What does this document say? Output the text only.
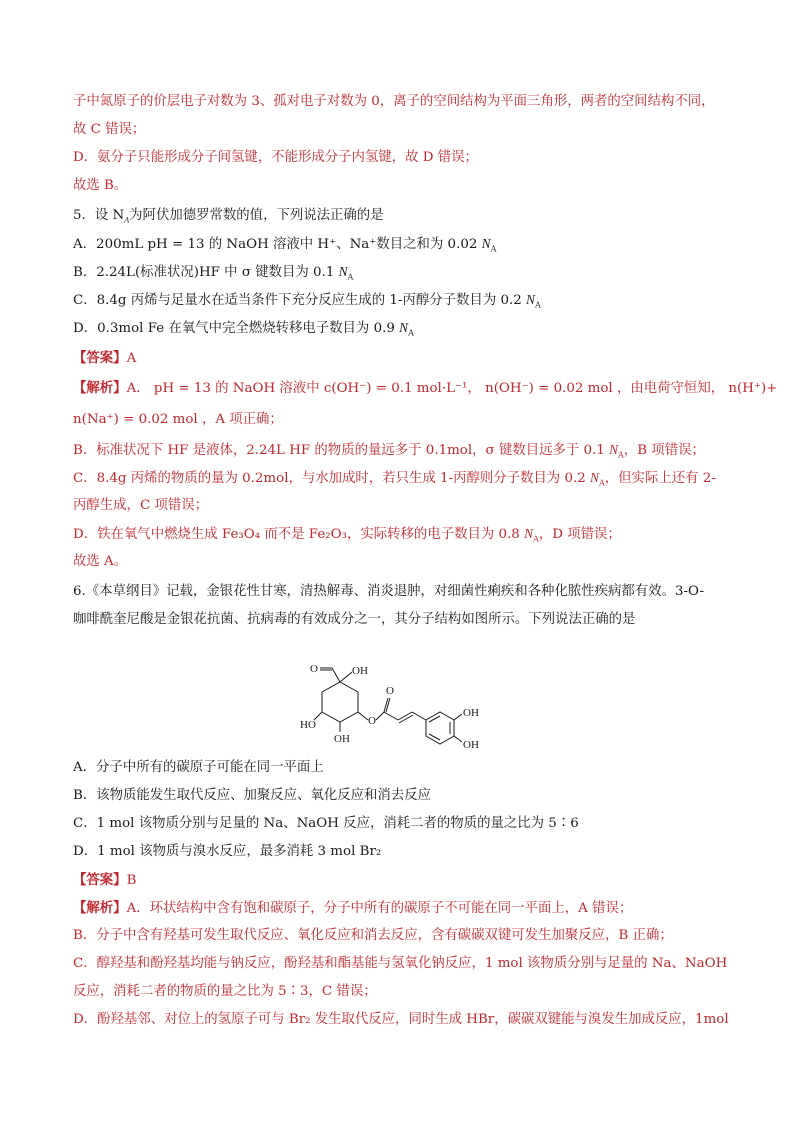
子中氮原子的价层电子对数为 3、孤对电子对数为 0，离子的空间结构为平面三角形，两者的空间结构不同，
故 C 错误；
D．氨分子只能形成分子间氢键，不能形成分子内氢键，故 D 错误；
故选 B。
5．设 $N_A$为阿伏加德罗常数的值，下列说法正确的是
A．200mL pH = 13 的 NaOH 溶液中 H⁺、Na⁺数目之和为 0.02 $N_A$
B．2.24L(标准状况)HF 中 σ 键数目为 0.1 $N_A$
C．8.4g 丙烯与足量水在适当条件下充分反应生成的 1-丙醇分子数目为 0.2 $N_A$
D．0.3mol Fe 在氧气中完全燃烧转移电子数目为 0.9 $N_A$
【答案】A
【解析】A． pH = 13 的 NaOH 溶液中 c(OH⁻) = 0.1 mol·L⁻¹， n(OH⁻) = 0.02 mol ，由电荷守恒知， n(H⁺)+
n(Na⁺) = 0.02 mol ，A 项正确；
B．标准状况下 HF 是液体，2.24L HF 的物质的量远多于 0.1mol，σ 键数目远多于 0.1 $N_A$，B 项错误；
C．8.4g 丙烯的物质的量为 0.2mol，与水加成时，若只生成 1-丙醇则分子数目为 0.2 $N_A$，但实际上还有 2-
丙醇生成，C 项错误；
D．铁在氧气中燃烧生成 Fe₃O₄ 而不是 Fe₂O₃，实际转移的电子数目为 0.8 $N_A$，D 项错误；
故选 A。
6.《本草纲目》记载，金银花性甘寒，清热解毒、消炎退肿，对细菌性痢疾和各种化脓性疾病都有效。3-O-
咖啡酰奎尼酸是金银花抗菌、抗病毒的有效成分之一，其分子结构如图所示。下列说法正确的是
O	OH
HO
OH
O
O
OH
OH
A．分子中所有的碳原子可能在同一平面上
B．该物质能发生取代反应、加聚反应、氧化反应和消去反应
C．1 mol 该物质分别与足量的 Na、NaOH 反应，消耗二者的物质的量之比为 5∶6
D．1 mol 该物质与溴水反应，最多消耗 3 mol Br₂
【答案】B
【解析】A．环状结构中含有饱和碳原子，分子中所有的碳原子不可能在同一平面上，A 错误；
B．分子中含有羟基可发生取代反应、氧化反应和消去反应，含有碳碳双键可发生加聚反应，B 正确；
C．醇羟基和酚羟基均能与钠反应，酚羟基和酯基能与氢氧化钠反应，1 mol 该物质分别与足量的 Na、NaOH
反应，消耗二者的物质的量之比为 5∶3，C 错误；
D．酚羟基邻、对位上的氢原子可与 Br₂ 发生取代反应，同时生成 HBr，碳碳双键能与溴发生加成反应，1mol
